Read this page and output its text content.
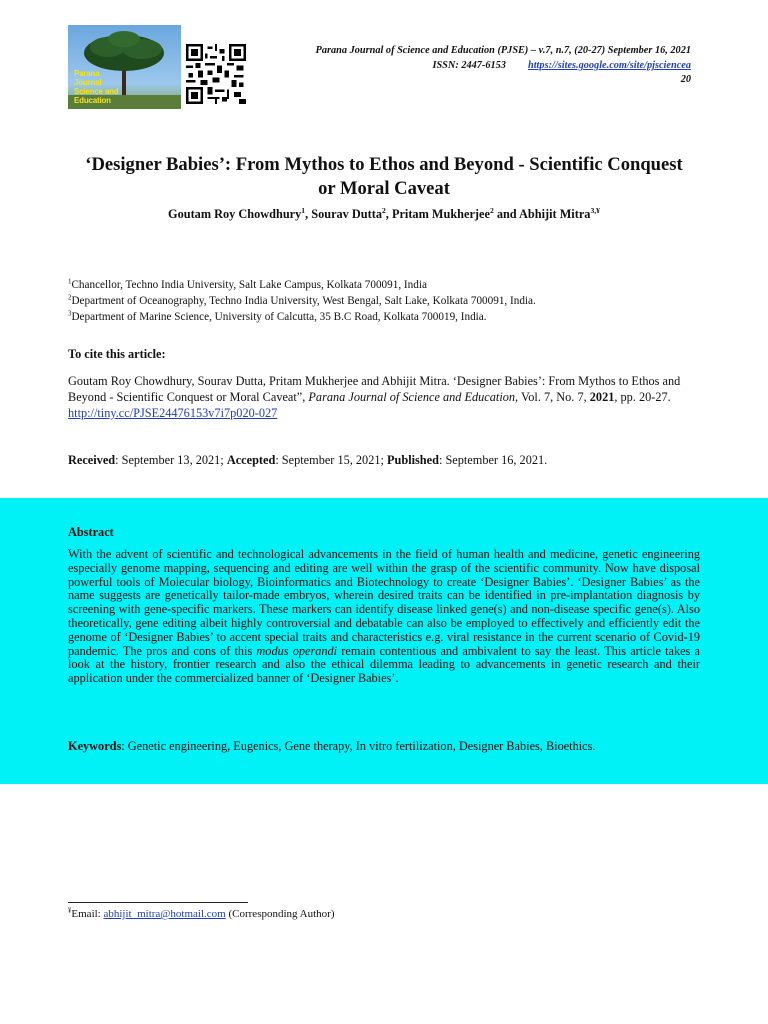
Parana
Journal
Science and
Education
Parana Journal of Science and Education (PJSE) – v.7, n.7, (20-27) September 16, 2021
ISSN: 2447-6153 https://sites.google.com/site/pjsciencea
20
‘Designer Babies’: From Mythos to Ethos and Beyond - Scientific Conquest or Moral Caveat
Goutam Roy Chowdhury$^1$, Sourav Dutta$^2$, Pritam Mukherjee$^2$ and Abhijit Mitra$^{3,¥}$
$^1$Chancellor, Techno India University, Salt Lake Campus, Kolkata 700091, India
$^2$Department of Oceanography, Techno India University, West Bengal, Salt Lake, Kolkata 700091, India.
$^3$Department of Marine Science, University of Calcutta, 35 B.C Road, Kolkata 700019, India.
To cite this article:
Goutam Roy Chowdhury, Sourav Dutta, Pritam Mukherjee and Abhijit Mitra. ‘Designer Babies’: From Mythos to Ethos and Beyond - Scientific Conquest or Moral Caveat”, Parana Journal of Science and Education, Vol. 7, No. 7, 2021, pp. 20-27. http://tiny.cc/PJSE24476153v7i7p020-027
Received: September 13, 2021; Accepted: September 15, 2021; Published: September 16, 2021.
Abstract
With the advent of scientific and technological advancements in the field of human health and medicine, genetic engineering especially genome mapping, sequencing and editing are well within the grasp of the scientific community. Now have disposal powerful tools of Molecular biology, Bioinformatics and Biotechnology to create ‘Designer Babies’. ‘Designer Babies’ as the name suggests are genetically tailor-made embryos, wherein desired traits can be identified in pre-implantation diagnosis by screening with gene-specific markers. These markers can identify disease linked gene(s) and non-disease specific gene(s). Also theoretically, gene editing albeit highly controversial and debatable can also be employed to effectively and efficiently edit the genome of ‘Designer Babies’ to accent special traits and characteristics e.g. viral resistance in the current scenario of Covid-19 pandemic. The pros and cons of this modus operandi remain contentious and ambivalent to say the least. This article takes a look at the history, frontier research and also the ethical dilemma leading to advancements in genetic research and their application under the commercialized banner of ‘Designer Babies’.
Keywords: Genetic engineering, Eugenics, Gene therapy, In vitro fertilization, Designer Babies, Bioethics.
¥Email: abhijit_mitra@hotmail.com (Corresponding Author)
